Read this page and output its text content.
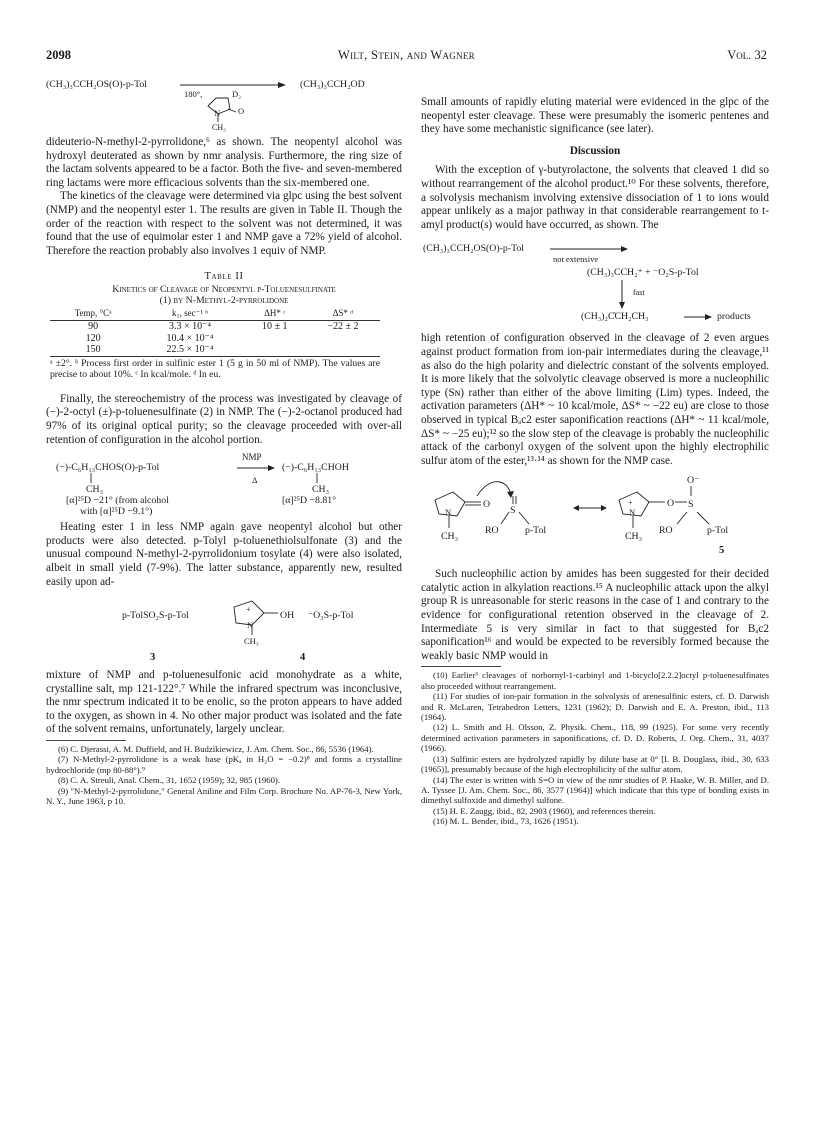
2098	Wilt, Stein, and Wagner	Vol. 32
(CH₃)₃CCH₂OS(O)-p-Tol
180°,	D₂
N O
CH₃
(CH₃)₃CCH₂OD

dideuterio-N-methyl-2-pyrrolidone,⁶ as shown. The neopentyl alcohol was hydroxyl deuterated as shown by nmr analysis. Furthermore, the ring size of the lactam solvents appeared to be a factor. Both the five- and seven-membered ring lactams were more efficacious solvents than the six-membered one.

The kinetics of the cleavage were determined via glpc using the best solvent (NMP) and the neopentyl ester 1. The results are given in Table II. Though the order of the reaction with respect to the solvent was not determined, it was found that the use of equimolar ester 1 and NMP gave a 72% yield of alcohol. Therefore the reaction probably also involves 1 equiv of NMP.

Table II
Kinetics of Cleavage of Neopentyl p-Toluenesulfinate
(1) by N-Methyl-2-pyrrolidone
Temp, °Cᵃ	k₁, sec⁻¹ ᵇ	ΔH* ᶜ	ΔS* ᵈ
90	3.3 × 10⁻⁴	10 ± 1	−22 ± 2
120	10.4 × 10⁻⁴		
150	22.5 × 10⁻⁴		
ᵃ ±2°. ᵇ Process first order in sulfinic ester 1 (5 g in 50 ml of NMP). The values are precise to about 10%. ᶜ In kcal/mole. ᵈ In eu.

Finally, the stereochemistry of the process was investigated by cleavage of (−)-2-octyl (±)-p-toluenesulfinate (2) in NMP. The (−)-2-octanol produced had 97% of its original optical purity; so the cleavage proceeded with over-all retention of configuration in the alcohol portion.

(−)-C₆H₁₃CHOS(O)-p-Tol
NMP
Δ
(−)-C₆H₁₃CHOH
CH₃	CH₃
[α]²⁵D −21° (from alcohol
with [α]²⁵D −9.1°)
[α]²⁵D −8.81°

Heating ester 1 in less NMP again gave neopentyl alcohol but other products were also detected. p-Tolyl p-toluenethiolsulfonate (3) and the unusual compound N-methyl-2-pyrrolidonium tosylate (4) were also isolated, albeit in small yield (7-9%). The latter substance, apparently new, resulted easily upon ad-

p-TolSO₂S-p-Tol
+
N
OH ⁻O₃S-p-Tol
CH₃
3	4

mixture of NMP and p-toluenesulfonic acid monohydrate as a white, crystalline salt, mp 121-122°.⁷ While the infrared spectrum was inconclusive, the nmr spectrum indicated it to be enolic, so the proton appears to have added to the oxygen, as shown in 4. No other major product was isolated and the fate of the solvent remains, unfortunately, largely unclear.

(6) C. Djerassi, A. M. Duffield, and H. Budzikiewicz, J. Am. Chem. Soc., 86, 5536 (1964).

(7) N-Methyl-2-pyrrolidone is a weak base (pKₐ in H₂O = −0.2)⁸ and forms a crystalline hydrochloride (mp 80-88°).⁹

(8) C. A. Streuli, Anal. Chem., 31, 1652 (1959); 32, 985 (1960).

(9) "N-Methyl-2-pyrrolidone," General Aniline and Film Corp. Brochure No. AP-76-3, New York, N. Y., June 1963, p 10.

Small amounts of rapidly eluting material were evidenced in the glpc of the neopentyl ester cleavage. These were presumably the isomeric pentenes and they have some mechanistic significance (see later).

Discussion

With the exception of γ-butyrolactone, the solvents that cleaved 1 did so without rearrangement of the alcohol product.¹⁰ For these solvents, therefore, a solvolysis mechanism involving extensive dissociation of 1 to ions would appear unlikely as a major pathway in that considerable rearrangement to t-amyl product(s) would have occurred, as shown. The

(CH₃)₃CCH₂OS(O)-p-Tol
not extensive
(CH₃)₃CCH₂⁺ + ⁻O₂S-p-Tol
fast
(CH₃)₂C̊CH₂CH₃	products

high retention of configuration observed in the cleavage of 2 even argues against product formation from ion-pair intermediates during the cleavage,¹¹ as also do the high polarity and dielectric constant of the solvents employed. It is more likely that the solvolytic cleavage observed is more a nucleophilic type (Sɴ) rather than either of the above limiting (Lim) types. Indeed, the activation parameters (ΔH* ~ 10 kcal/mole, ΔS* ~ −22 eu) are close to those observed in typical Bₐc2 ester saponification reactions (ΔH* ~ 11 kcal/mole, ΔS* ~ −25 eu);¹² so the slow step of the cleavage is probably the nucleophilic attack of the carbonyl oxygen of the solvent upon the highly electrophilic sulfur atom of the ester,¹³·¹⁴ as shown for the NMP case.

O
S
N
RO	p-Tol
CH₃
+
N
O
O⁻
S
RO	p-Tol
CH₃
5

Such nucleophilic action by amides has been suggested for their decided catalytic action in alkylation reactions.¹⁵ A nucleophilic attack upon the alkyl group R is unreasonable for steric reasons in the case of 1 and contrary to the evidence for configurational retention observed in the cleavage of 2. Intermediate 5 is very similar in fact to that suggested for Bₐc2 saponification¹⁶ and would be expected to be reversibly formed because the weakly basic NMP would in

(10) Earlier³ cleavages of norbornyl-1-carbinyl and 1-bicyclo[2.2.2]octyl p-toluenesulfinates also proceeded without rearrangement.

(11) For studies of ion-pair formation in the solvolysis of arenesulfinic esters, cf. D. Darwish and R. McLaren, Tetrahedron Letters, 1231 (1962); D. Darwish and E. A. Preston, ibid., 113 (1964).

(12) L. Smith and H. Olsson, Z. Physik. Chem., 118, 99 (1925). For some very recently determined activation parameters in saponifications, cf. D. D. Roberts, J. Org. Chem., 31, 4037 (1966).

(13) Sulfinic esters are hydrolyzed rapidly by dilute base at 0° [I. B. Douglass, ibid., 30, 633 (1965)], presumably because of the high electrophilicity of the sulfur atom.

(14) The ester is written with S=O in view of the nmr studies of P. Haake, W. B. Miller, and D. A. Tyssee [J. Am. Chem. Soc., 86, 3577 (1964)] which indicate that this type of bonding exists in dimethyl sulfoxide and dimethyl sulfone.

(15) H. E. Zaugg, ibid., 82, 2903 (1960), and references therein.

(16) M. L. Bender, ibid., 73, 1626 (1951).
